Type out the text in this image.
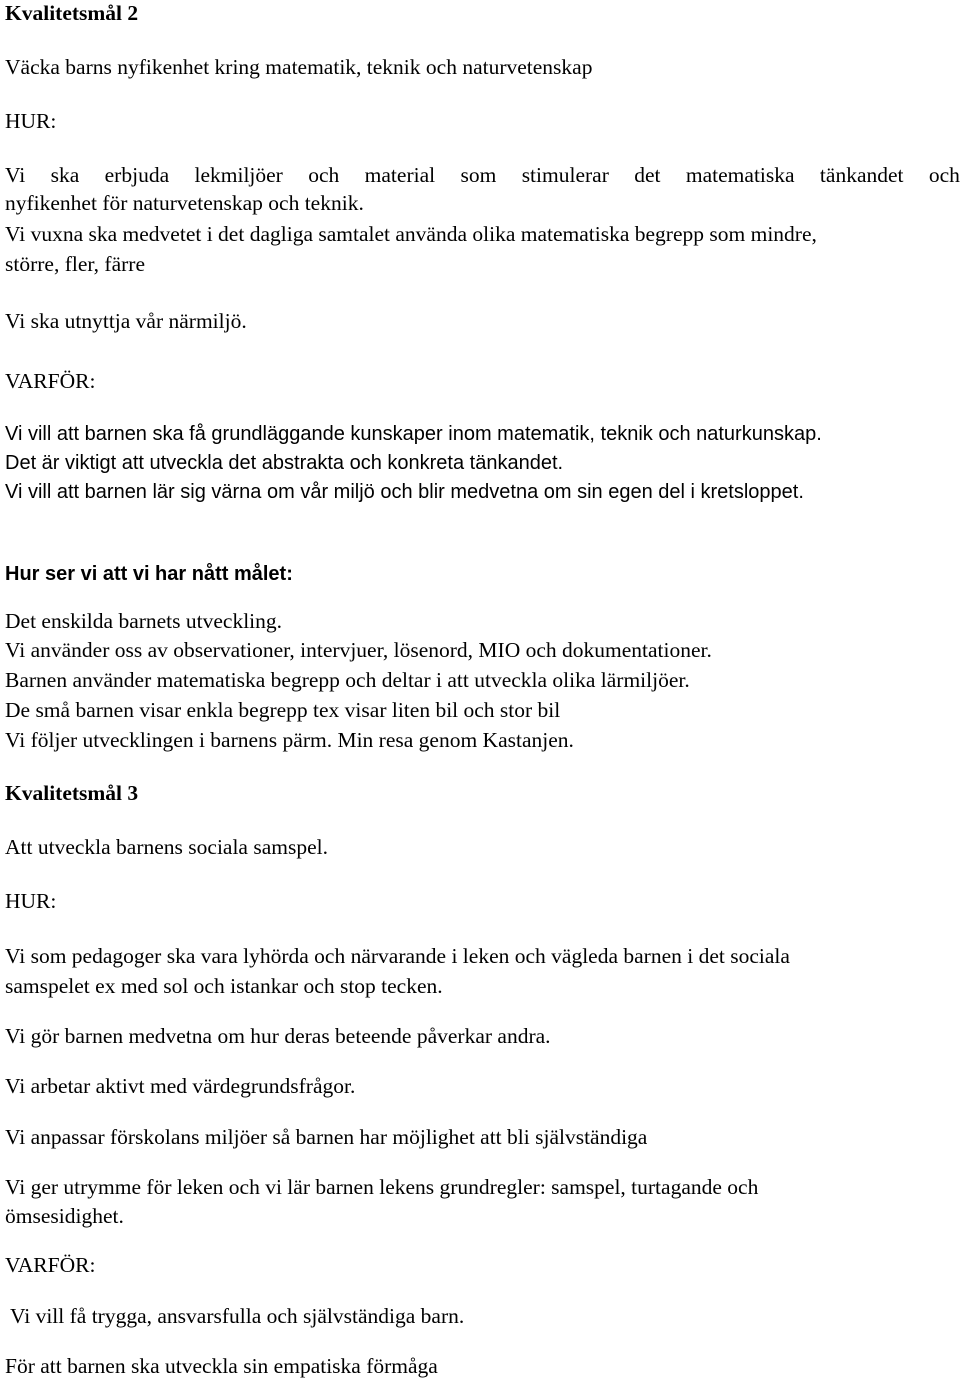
Kvalitetsmål 2
Väcka barns nyfikenhet kring matematik, teknik och naturvetenskap
HUR:
Vi ska erbjuda lekmiljöer och material som stimulerar det matematiska tänkandet och
nyfikenhet för naturvetenskap och teknik.
Vi vuxna ska medvetet i det dagliga samtalet använda olika matematiska begrepp som mindre,
större, fler, färre
Vi ska utnyttja vår närmiljö.
VARFÖR:
Vi vill att barnen ska få grundläggande kunskaper inom matematik, teknik och naturkunskap.
Det är viktigt att utveckla det abstrakta och konkreta tänkandet.
Vi vill att barnen lär sig värna om vår miljö och blir medvetna om sin egen del i kretsloppet.
Hur ser vi att vi har nått målet:
Det enskilda barnets utveckling.
Vi använder oss av observationer, intervjuer, lösenord, MIO och dokumentationer.
Barnen använder matematiska begrepp och deltar i att utveckla olika lärmiljöer.
De små barnen visar enkla begrepp tex visar liten bil och stor bil
Vi följer utvecklingen i barnens pärm. Min resa genom Kastanjen.
Kvalitetsmål 3
Att utveckla barnens sociala samspel.
HUR:
Vi som pedagoger ska vara lyhörda och närvarande i leken och vägleda barnen i det sociala
samspelet ex med sol och istankar och stop tecken.
Vi gör barnen medvetna om hur deras beteende påverkar andra.
Vi arbetar aktivt med värdegrundsfrågor.
Vi anpassar förskolans miljöer så barnen har möjlighet att bli självständiga
Vi ger utrymme för leken och vi lär barnen lekens grundregler: samspel, turtagande och
ömsesidighet.
VARFÖR:
Vi vill få trygga, ansvarsfulla och självständiga barn.
För att barnen ska utveckla sin empatiska förmåga
